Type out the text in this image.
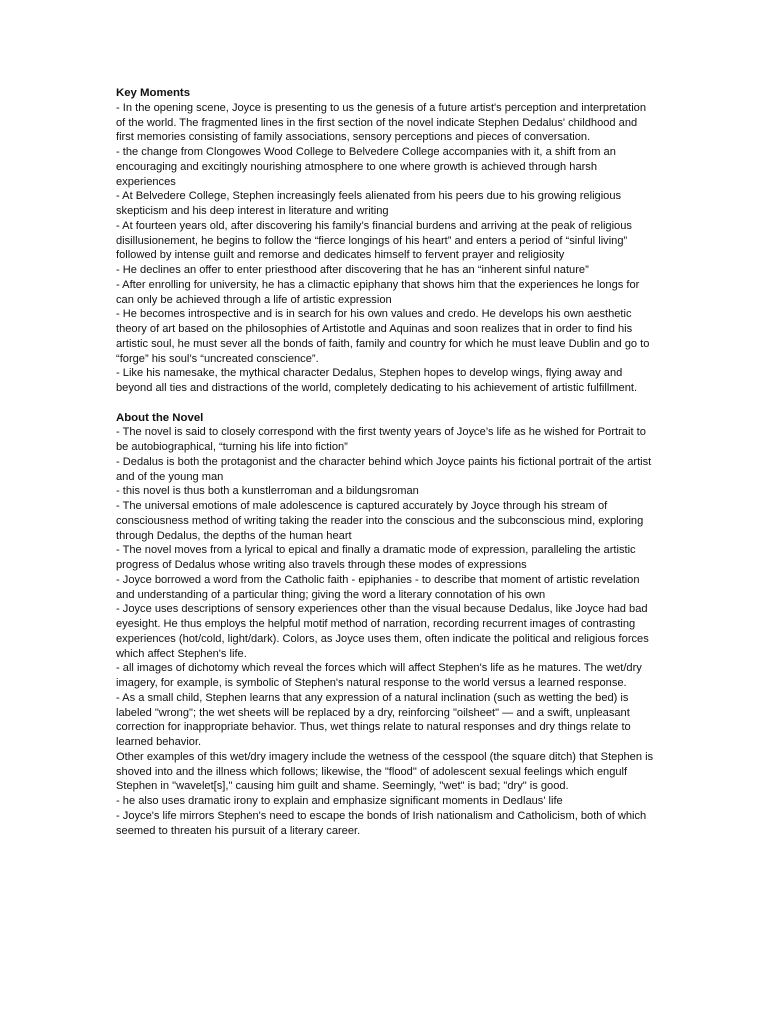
Key Moments

- In the opening scene, Joyce is presenting to us the genesis of a future artist's perception and interpretation of the world. The fragmented lines in the first section of the novel indicate Stephen Dedalus' childhood and first memories consisting of family associations, sensory perceptions and pieces of conversation.

- the change from Clongowes Wood College to Belvedere College accompanies with it, a shift from an encouraging and excitingly nourishing atmosphere to one where growth is achieved through harsh experiences

- At Belvedere College, Stephen increasingly feels alienated from his peers due to his growing religious skepticism and his deep interest in literature and writing

- At fourteen years old, after discovering his family’s financial burdens and arriving at the peak of religious disillusionement, he begins to follow the “fierce longings of his heart” and enters a period of “sinful living” followed by intense guilt and remorse and dedicates himself to fervent prayer and religiosity

- He declines an offer to enter priesthood after discovering that he has an “inherent sinful nature”

- After enrolling for university, he has a climactic epiphany that shows him that the experiences he longs for can only be achieved through a life of artistic expression

- He becomes introspective and is in search for his own values and credo. He develops his own aesthetic theory of art based on the philosophies of Artistotle and Aquinas and soon realizes that in order to find his artistic soul, he must sever all the bonds of faith, family and country for which he must leave Dublin and go to “forge” his soul’s “uncreated conscience”.

- Like his namesake, the mythical character Dedalus, Stephen hopes to develop wings, flying away and beyond all ties and distractions of the world, completely dedicating to his achievement of artistic fulfillment.

About the Novel

- The novel is said to closely correspond with the first twenty years of Joyce’s life as he wished for Portrait to be autobiographical, “turning his life into fiction”

- Dedalus is both the protagonist and the character behind which Joyce paints his fictional portrait of the artist and of the young man

- this novel is thus both a kunstlerroman and a bildungsroman

- The universal emotions of male adolescence is captured accurately by Joyce through his stream of consciousness method of writing taking the reader into the conscious and the subconscious mind, exploring through Dedalus, the depths of the human heart

- The novel moves from a lyrical to epical and finally a dramatic mode of expression, paralleling the artistic progress of Dedalus whose writing also travels through these modes of expressions

- Joyce borrowed a word from the Catholic faith - epiphanies - to describe that moment of artistic revelation and understanding of a particular thing; giving the word a literary connotation of his own

- Joyce uses descriptions of sensory experiences other than the visual because Dedalus, like Joyce had bad eyesight. He thus employs the helpful motif method of narration, recording recurrent images of contrasting experiences (hot/cold, light/dark). Colors, as Joyce uses them, often indicate the political and religious forces which affect Stephen's life.

- all images of dichotomy which reveal the forces which will affect Stephen's life as he matures. The wet/dry imagery, for example, is symbolic of Stephen's natural response to the world versus a learned response.

- As a small child, Stephen learns that any expression of a natural inclination (such as wetting the bed) is labeled "wrong"; the wet sheets will be replaced by a dry, reinforcing "oilsheet" — and a swift, unpleasant correction for inappropriate behavior. Thus, wet things relate to natural responses and dry things relate to learned behavior.

Other examples of this wet/dry imagery include the wetness of the cesspool (the square ditch) that Stephen is shoved into and the illness which follows; likewise, the "flood" of adolescent sexual feelings which engulf Stephen in "wavelet[s]," causing him guilt and shame. Seemingly, "wet" is bad; "dry" is good.

- he also uses dramatic irony to explain and emphasize significant moments in Dedlaus' life

- Joyce's life mirrors Stephen's need to escape the bonds of Irish nationalism and Catholicism, both of which seemed to threaten his pursuit of a literary career.
